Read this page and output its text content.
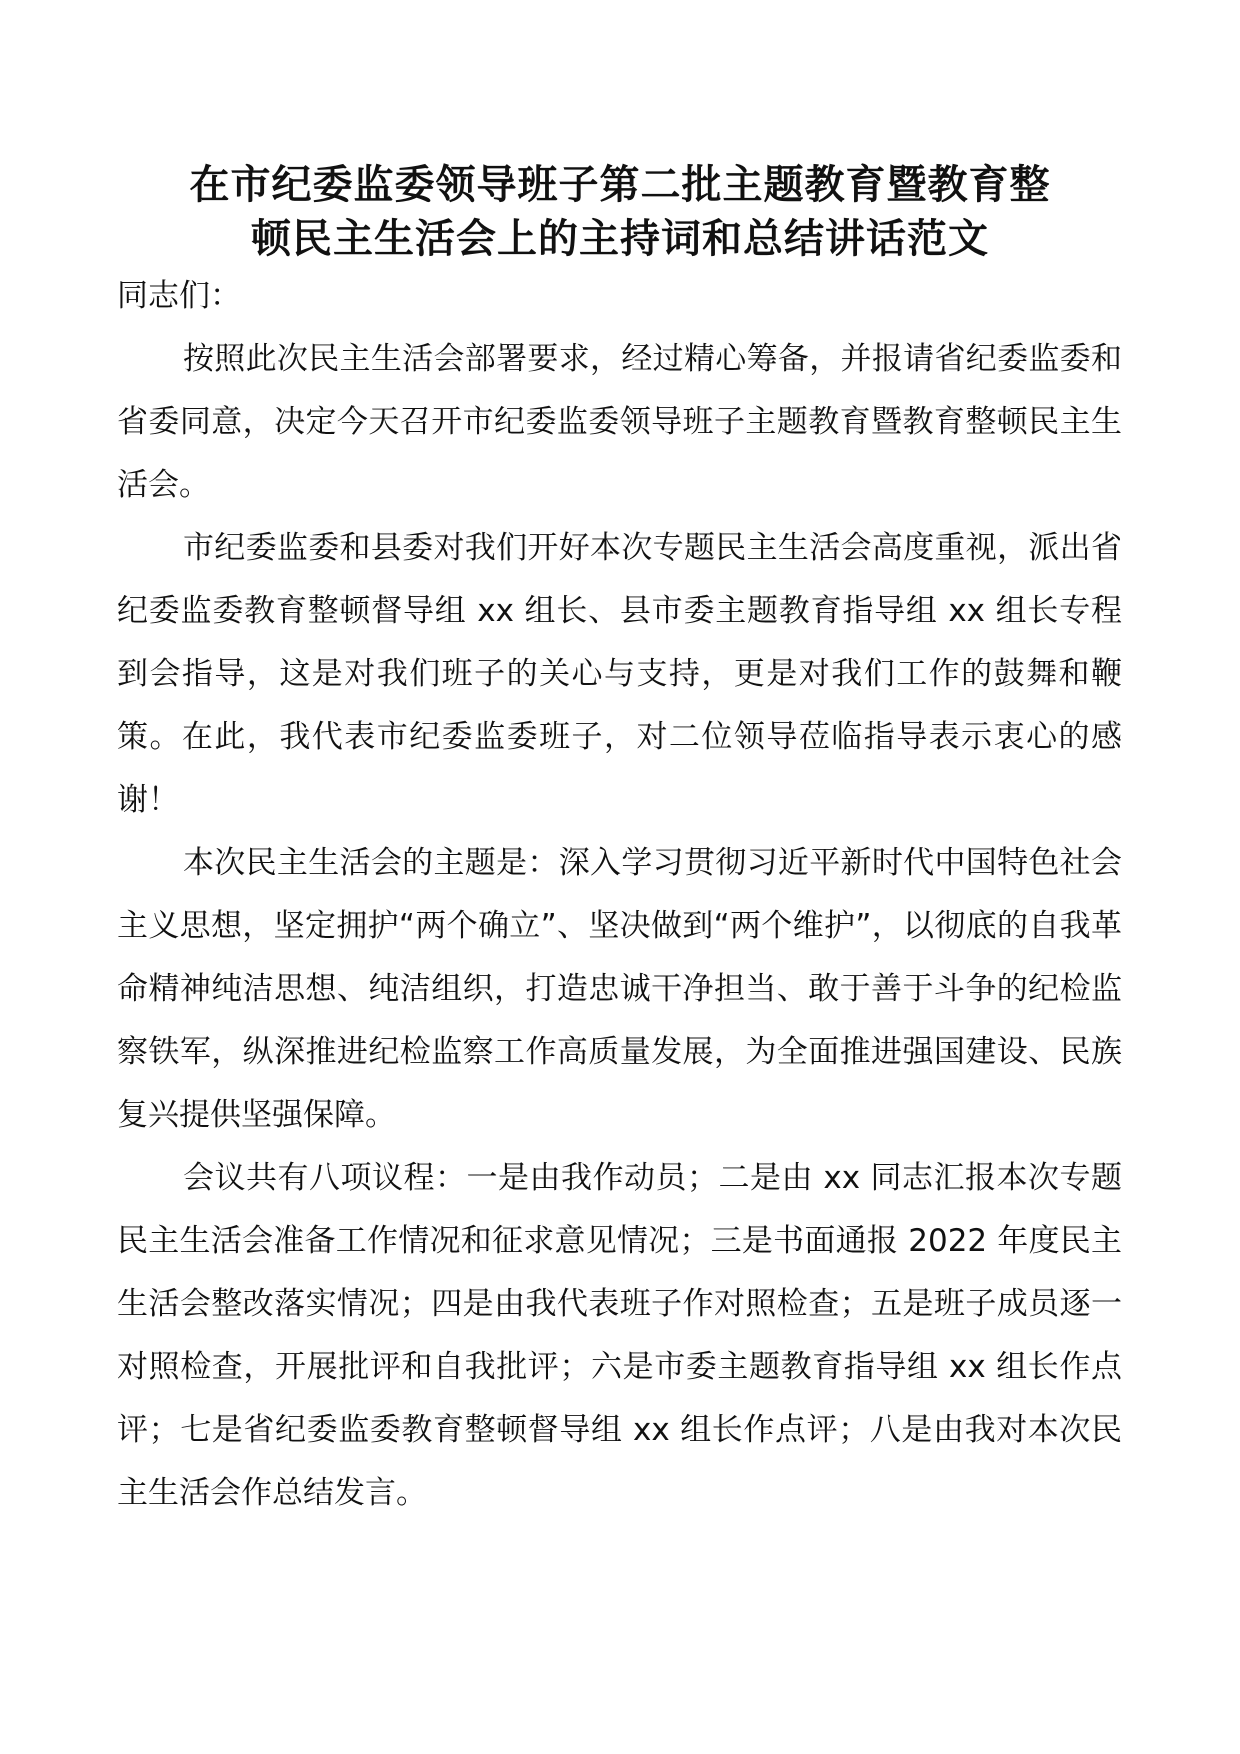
在市纪委监委领导班子第二批主题教育暨教育整
顿民主生活会上的主持词和总结讲话范文

同志们：

按照此次民主生活会部署要求，经过精心筹备，并报请省纪委监委和省委同意，决定今天召开市纪委监委领导班子主题教育暨教育整顿民主生活会。

市纪委监委和县委对我们开好本次专题民主生活会高度重视，派出省纪委监委教育整顿督导组 xx 组长、县市委主题教育指导组 xx 组长专程到会指导，这是对我们班子的关心与支持，更是对我们工作的鼓舞和鞭策。在此，我代表市纪委监委班子，对二位领导莅临指导表示衷心的感谢！

本次民主生活会的主题是：深入学习贯彻习近平新时代中国特色社会主义思想，坚定拥护“两个确立”、坚决做到“两个维护”，以彻底的自我革命精神纯洁思想、纯洁组织，打造忠诚干净担当、敢于善于斗争的纪检监察铁军，纵深推进纪检监察工作高质量发展，为全面推进强国建设、民族复兴提供坚强保障。

会议共有八项议程：一是由我作动员；二是由 xx 同志汇报本次专题民主生活会准备工作情况和征求意见情况；三是书面通报 2022 年度民主生活会整改落实情况；四是由我代表班子作对照检查；五是班子成员逐一对照检查，开展批评和自我批评；六是市委主题教育指导组 xx 组长作点评；七是省纪委监委教育整顿督导组 xx 组长作点评；八是由我对本次民主生活会作总结发言。
